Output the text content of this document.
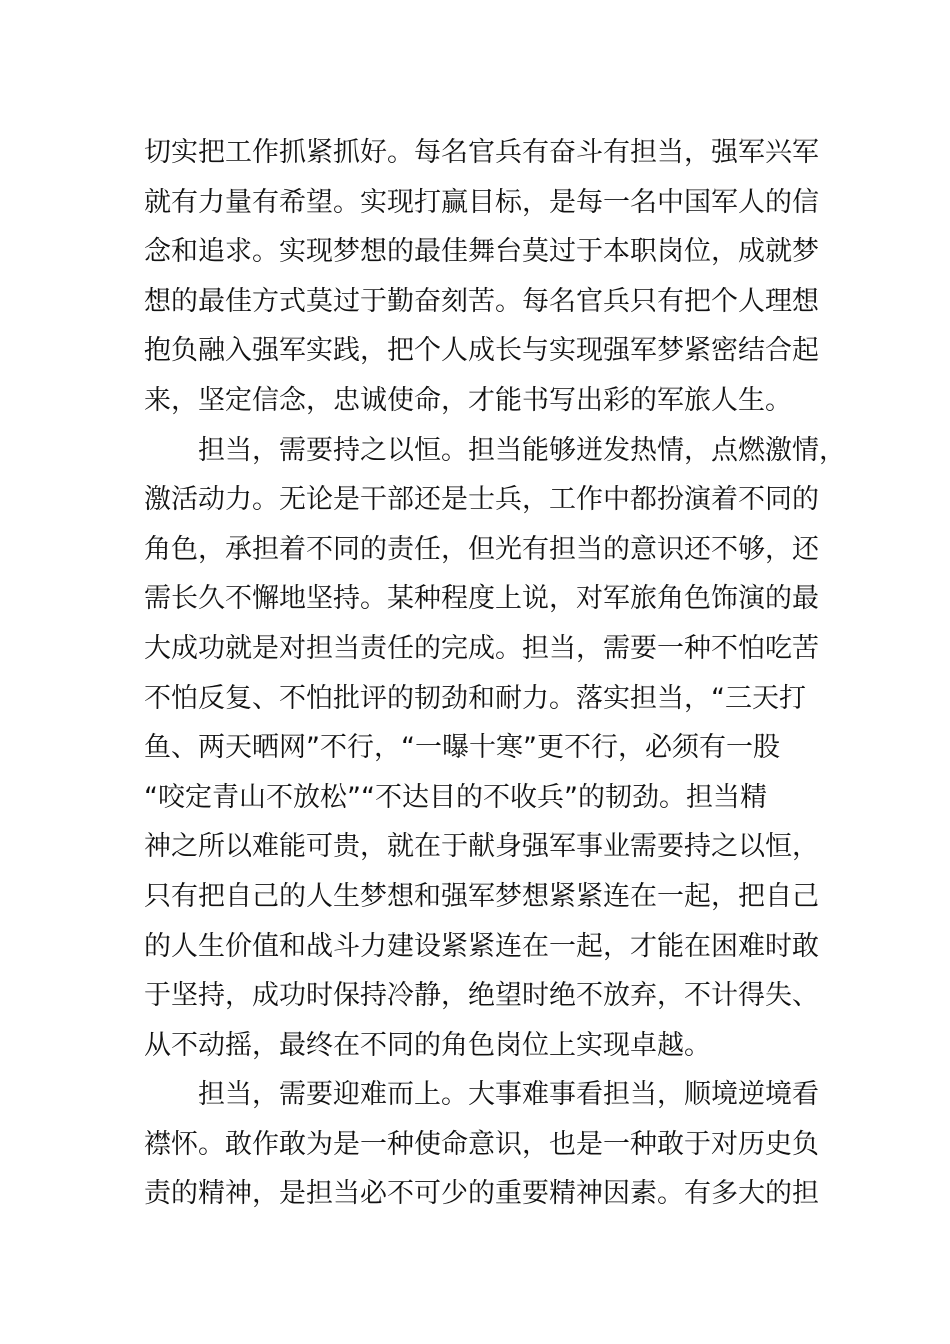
切实把工作抓紧抓好。每名官兵有奋斗有担当，强军兴军
就有力量有希望。实现打赢目标，是每一名中国军人的信
念和追求。实现梦想的最佳舞台莫过于本职岗位，成就梦
想的最佳方式莫过于勤奋刻苦。每名官兵只有把个人理想
抱负融入强军实践，把个人成长与实现强军梦紧密结合起
来，坚定信念，忠诚使命，才能书写出彩的军旅人生。
担当，需要持之以恒。担当能够迸发热情，点燃激情，
激活动力。无论是干部还是士兵，工作中都扮演着不同的
角色，承担着不同的责任，但光有担当的意识还不够，还
需长久不懈地坚持。某种程度上说，对军旅角色饰演的最
大成功就是对担当责任的完成。担当，需要一种不怕吃苦
不怕反复、不怕批评的韧劲和耐力。落实担当，“三天打
鱼、两天晒网”不行，“一曝十寒”更不行，必须有一股
“咬定青山不放松”“不达目的不收兵”的韧劲。担当精
神之所以难能可贵，就在于献身强军事业需要持之以恒，
只有把自己的人生梦想和强军梦想紧紧连在一起，把自己
的人生价值和战斗力建设紧紧连在一起，才能在困难时敢
于坚持，成功时保持冷静，绝望时绝不放弃，不计得失、
从不动摇，最终在不同的角色岗位上实现卓越。
担当，需要迎难而上。大事难事看担当，顺境逆境看
襟怀。敢作敢为是一种使命意识，也是一种敢于对历史负
责的精神，是担当必不可少的重要精神因素。有多大的担
